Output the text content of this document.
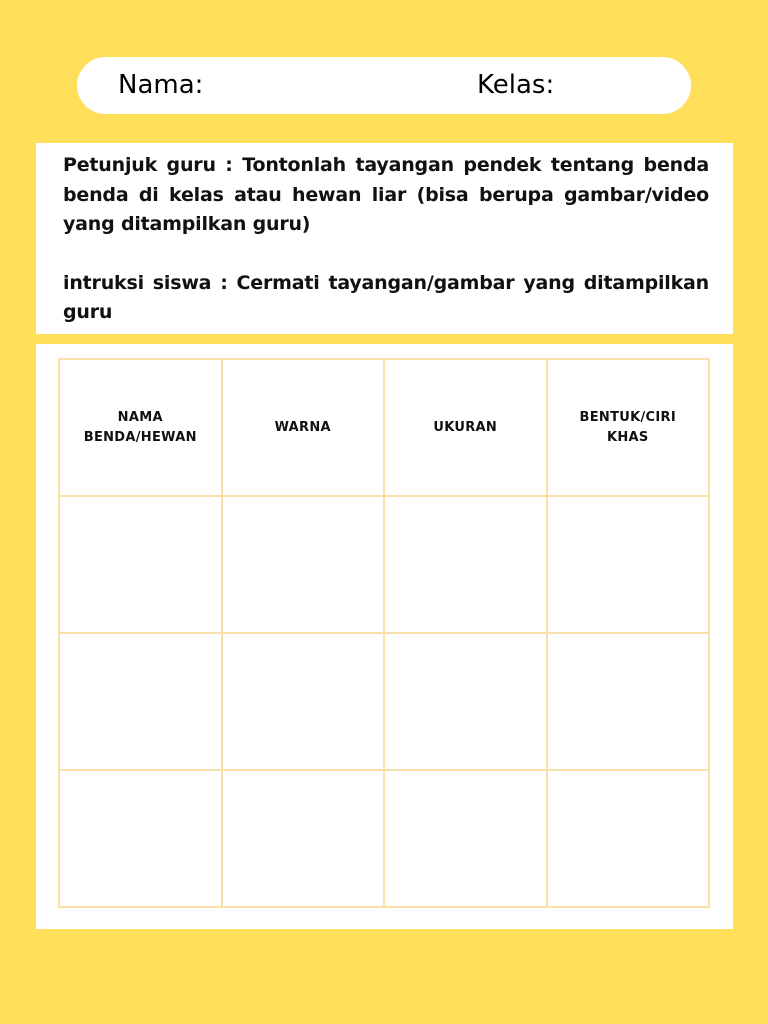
Nama:	Kelas:

Petunjuk guru : Tontonlah tayangan pendek tentang benda benda di kelas atau hewan liar (bisa berupa gambar/video yang ditampilkan guru)

intruksi siswa : Cermati tayangan/gambar yang ditampilkan guru

NAMA BENDA/HEWAN	WARNA	UKURAN	BENTUK/CIRI KHAS
